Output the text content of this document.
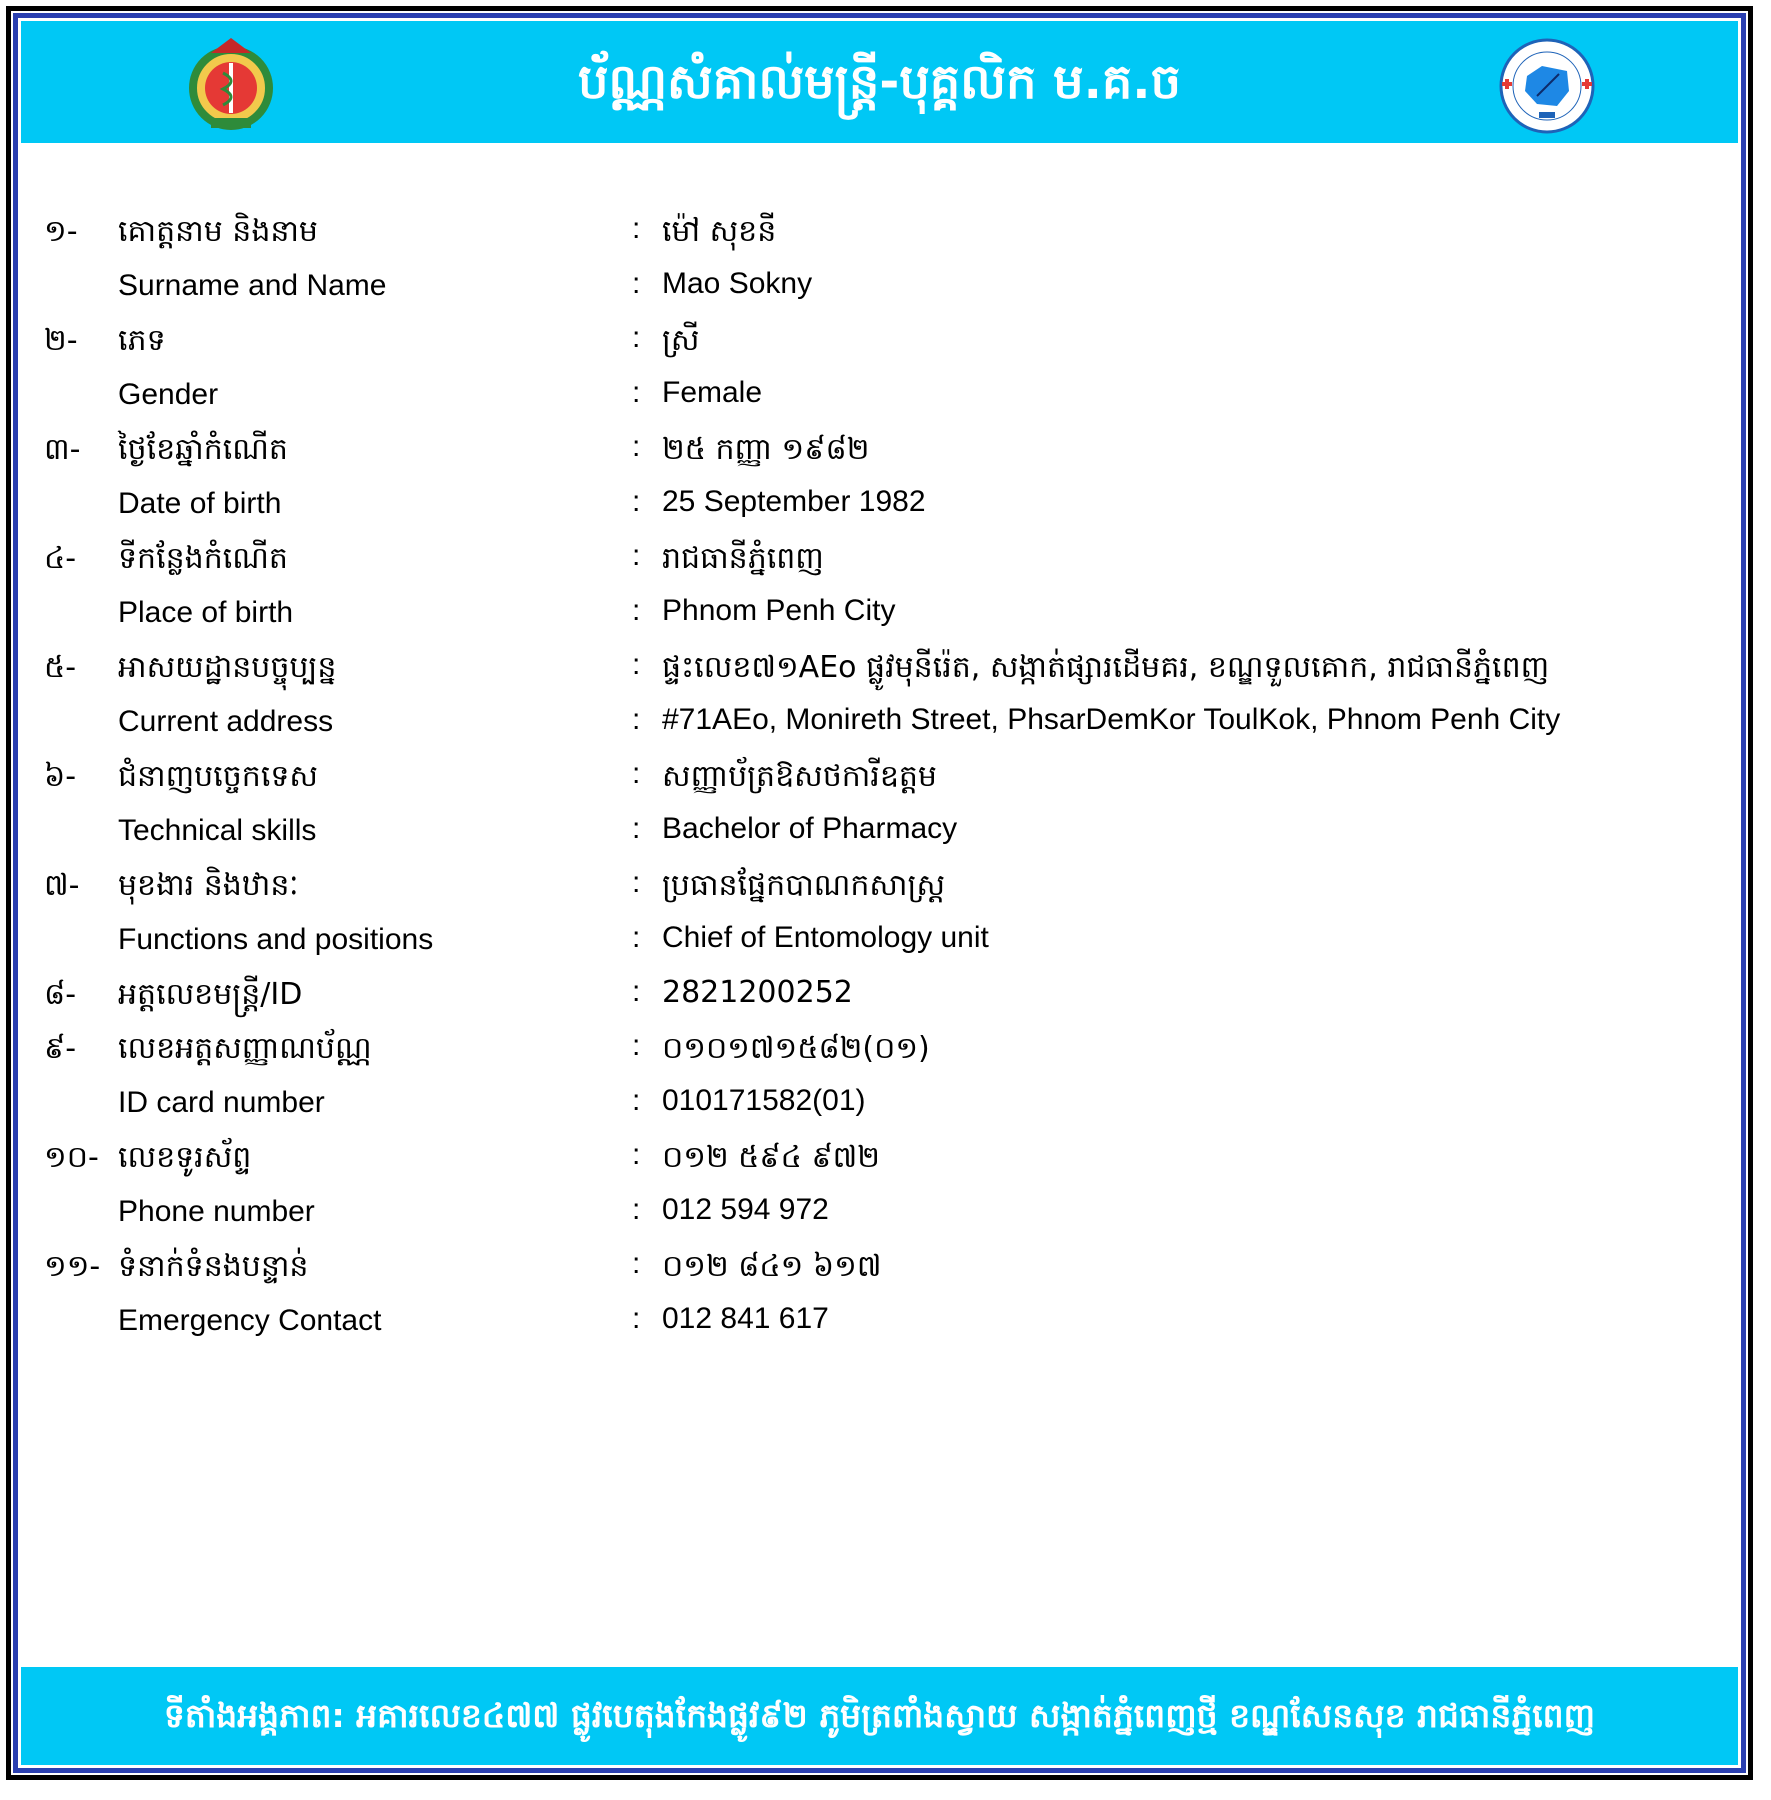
ប័ណ្ណសំគាល់មន្ត្រី-បុគ្គលិក ម.គ.ច
១- គោត្តនាម និងនាម	: ម៉ៅ សុខនី
Surname and Name	: Mao Sokny
២- ភេទ	: ស្រី
Gender	: Female
៣- ថ្ងៃខែឆ្នាំកំណើត	: ២៥ កញ្ញា ១៩៨២
Date of birth	: 25 September 1982
៤- ទីកន្លែងកំណើត	: រាជធានីភ្នំពេញ
Place of birth	: Phnom Penh City
៥- អាសយដ្ឋានបច្ចុប្បន្ន	: ផ្ទះលេខ៧១AEo ផ្លូវមុនីរ៉េត, សង្កាត់ផ្សារដើមគរ, ខណ្ឌទួលគោក, រាជធានីភ្នំពេញ
Current address	: #71AEo, Monireth Street, PhsarDemKor ToulKok, Phnom Penh City
៦- ជំនាញបច្ចេកទេស	: សញ្ញាប័ត្រឱសថការីឧត្តម
Technical skills	: Bachelor of Pharmacy
៧- មុខងារ និងឋានៈ	: ប្រធានផ្នែកបាណកសាស្ត្រ
Functions and positions	: Chief of Entomology unit
៨- អត្តលេខមន្ត្រី/ID	: 2821200252
៩- លេខអត្តសញ្ញាណប័ណ្ណ	: ០១០១៧១៥៨២(០១)
ID card number	: 010171582(01)
១០- លេខទូរស័ព្ទ	: ០១២ ៥៩៤ ៩៧២
Phone number	: 012 594 972
១១- ទំនាក់ទំនងបន្ទាន់	: ០១២ ៨៤១ ៦១៧
Emergency Contact	: 012 841 617
ទីតាំងអង្គភាព: អគារលេខ៤៧៧ ផ្លូវបេតុងកែងផ្លូវ៩២ ភូមិត្រពាំងស្វាយ សង្កាត់ភ្នំពេញថ្មី ខណ្ឌសែនសុខ រាជធានីភ្នំពេញ
